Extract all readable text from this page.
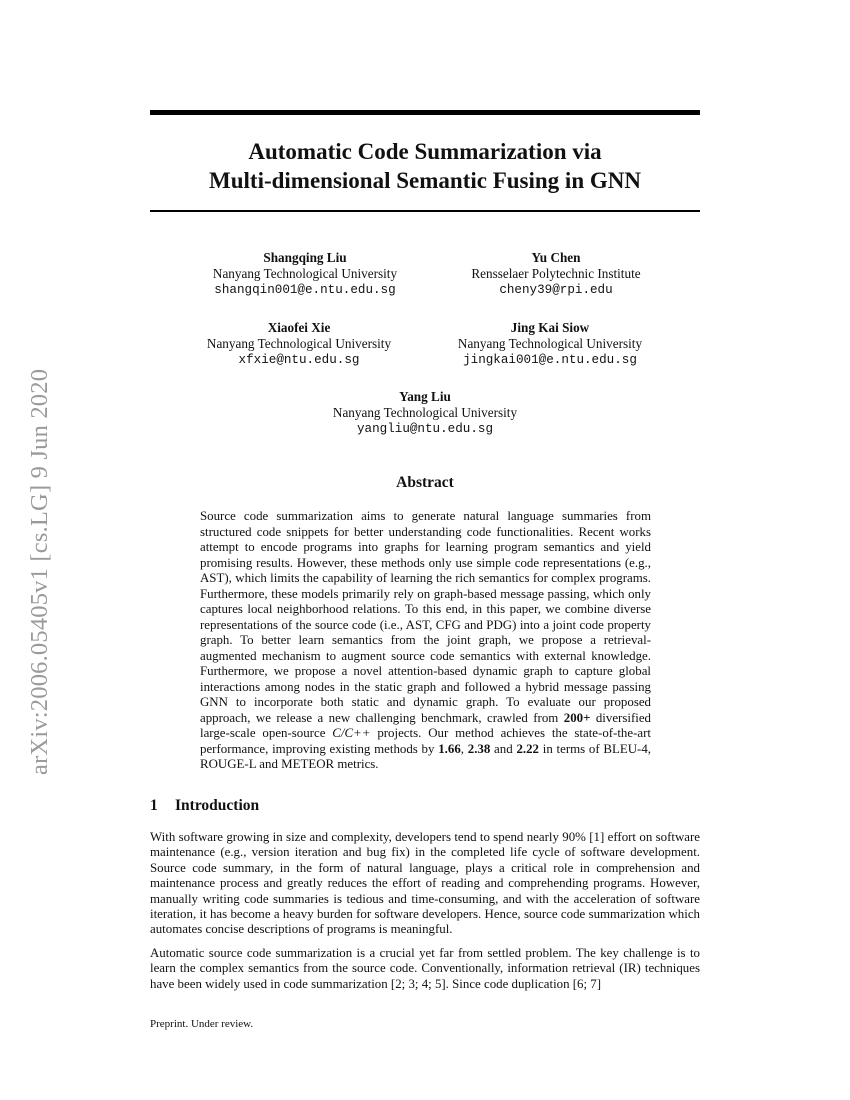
arXiv:2006.05405v1 [cs.LG] 9 Jun 2020
Automatic Code Summarization via
Multi-dimensional Semantic Fusing in GNN
Shangqing Liu
Nanyang Technological University
shangqin001@e.ntu.edu.sg
Yu Chen
Rensselaer Polytechnic Institute
cheny39@rpi.edu
Xiaofei Xie
Nanyang Technological University
xfxie@ntu.edu.sg
Jing Kai Siow
Nanyang Technological University
jingkai001@e.ntu.edu.sg
Yang Liu
Nanyang Technological University
yangliu@ntu.edu.sg
Abstract
Source code summarization aims to generate natural language summaries from structured code snippets for better understanding code functionalities. Recent works attempt to encode programs into graphs for learning program semantics and yield promising results. However, these methods only use simple code representations (e.g., AST), which limits the capability of learning the rich semantics for complex programs. Furthermore, these models primarily rely on graph-based message passing, which only captures local neighborhood relations. To this end, in this paper, we combine diverse representations of the source code (i.e., AST, CFG and PDG) into a joint code property graph. To better learn semantics from the joint graph, we propose a retrieval-augmented mechanism to augment source code semantics with external knowledge. Furthermore, we propose a novel attention-based dynamic graph to capture global interactions among nodes in the static graph and followed a hybrid message passing GNN to incorporate both static and dynamic graph. To evaluate our proposed approach, we release a new challenging benchmark, crawled from 200+ diversified large-scale open-source C/C++ projects. Our method achieves the state-of-the-art performance, improving existing methods by 1.66, 2.38 and 2.22 in terms of BLEU-4, ROUGE-L and METEOR metrics.
1 Introduction
With software growing in size and complexity, developers tend to spend nearly 90% [1] effort on software maintenance (e.g., version iteration and bug fix) in the completed life cycle of software development. Source code summary, in the form of natural language, plays a critical role in comprehension and maintenance process and greatly reduces the effort of reading and comprehending programs. However, manually writing code summaries is tedious and time-consuming, and with the acceleration of software iteration, it has become a heavy burden for software developers. Hence, source code summarization which automates concise descriptions of programs is meaningful.
Automatic source code summarization is a crucial yet far from settled problem. The key challenge is to learn the complex semantics from the source code. Conventionally, information retrieval (IR) techniques have been widely used in code summarization [2; 3; 4; 5]. Since code duplication [6; 7]
Preprint. Under review.
